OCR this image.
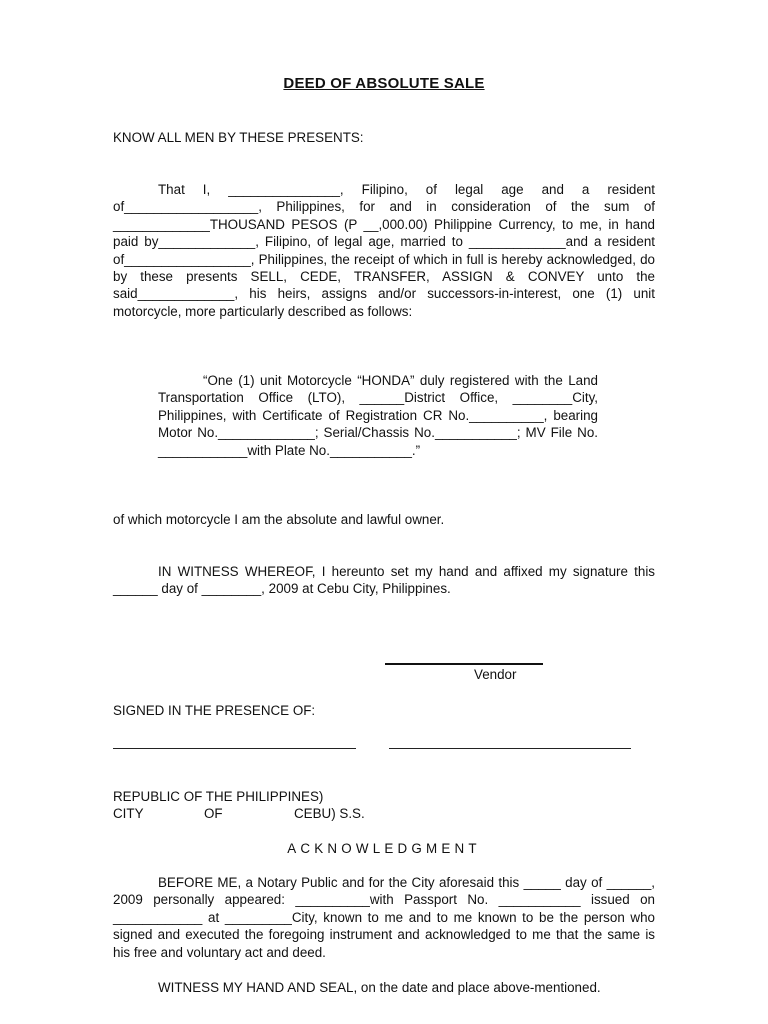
DEED OF ABSOLUTE SALE
KNOW ALL MEN BY THESE PRESENTS:
That I, _______________, Filipino, of legal age and a resident of__________________, Philippines, for and in consideration of the sum of _____________THOUSAND PESOS (P __,000.00) Philippine Currency, to me, in hand paid by_____________, Filipino, of legal age, married to _____________and a resident of_________________, Philippines, the receipt of which in full is hereby acknowledged, do by these presents SELL, CEDE, TRANSFER, ASSIGN & CONVEY unto the said_____________, his heirs, assigns and/or successors-in-interest, one (1) unit motorcycle, more particularly described as follows:
“One (1) unit Motorcycle “HONDA” duly registered with the Land Transportation Office (LTO), ______District Office, ________City, Philippines, with Certificate of Registration CR No.__________, bearing Motor No._____________; Serial/Chassis No.___________; MV File No. ____________with Plate No.___________.”
of which motorcycle I am the absolute and lawful owner.
IN WITNESS WHEREOF, I hereunto set my hand and affixed my signature this ______ day of ________, 2009 at Cebu City, Philippines.
Vendor
SIGNED IN THE PRESENCE OF:
REPUBLIC OF THE PHILIPPINES)
CITY	OF	CEBU) S.S.
ACKNOWLEDGMENT
BEFORE ME, a Notary Public and for the City aforesaid this _____ day of ______, 2009 personally appeared: __________with Passport No. ___________ issued on ____________ at _________City, known to me and to me known to be the person who signed and executed the foregoing instrument and acknowledged to me that the same is his free and voluntary act and deed.
WITNESS MY HAND AND SEAL, on the date and place above-mentioned.
